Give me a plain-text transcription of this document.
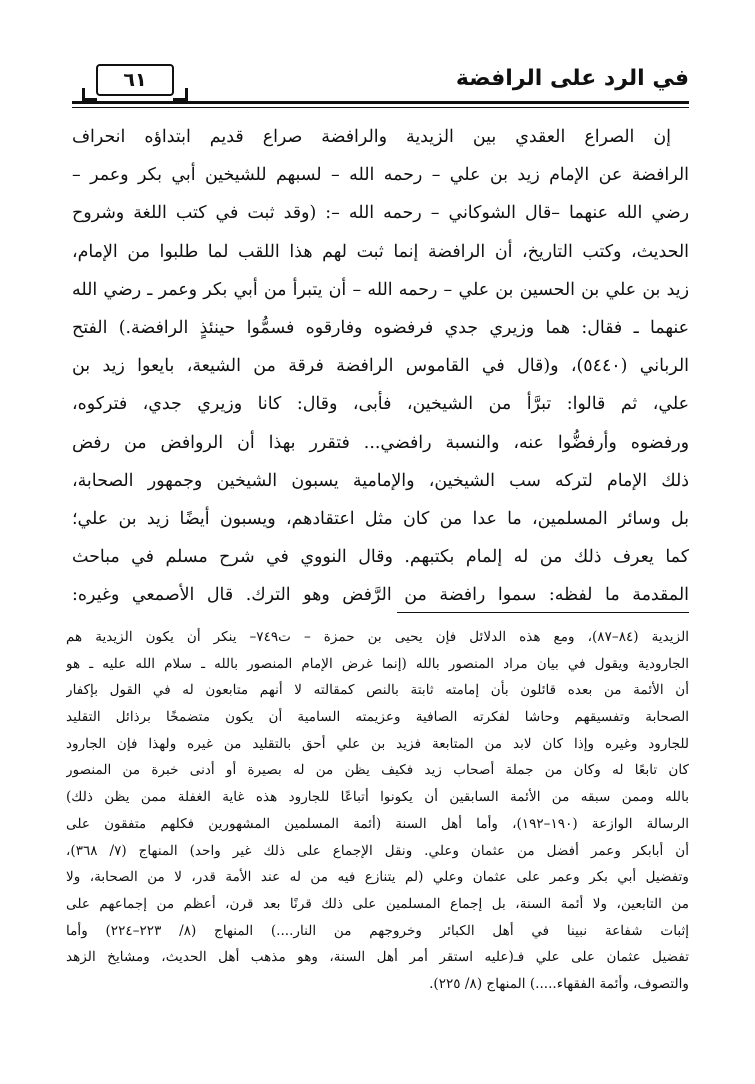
في الرد على الرافضة
٦١
إن الصراع العقدي بين الزيدية والرافضة صراع قديم ابتداؤه انحراف
الرافضة عن الإمام زيد بن علي – رحمه الله – لسبهم للشيخين أبي بكر وعمر –
رضي الله عنهما –قال الشوكاني – رحمه الله –: (وقد ثبت في كتب اللغة وشروح
الحديث، وكتب التاريخ، أن الرافضة إنما ثبت لهم هذا اللقب لما طلبوا من الإمام،
زيد بن علي بن الحسين بن علي – رحمه الله – أن يتبرأ من أبي بكر وعمر ـ رضي الله
عنهما ـ فقال: هما وزيري جدي فرفضوه وفارقوه فسمُّوا حينئذٍ الرافضة.) الفتح
الرباني (٥٤٤٠)، و(قال في القاموس الرافضة فرقة من الشيعة، بايعوا زيد بن
علي، ثم قالوا: تبرَّأ من الشيخين، فأبى، وقال: كانا وزيري جدي، فتركوه،
ورفضوه وأرفضُّوا عنه، والنسبة رافضي... فتقرر بهذا أن الروافض من رفض
ذلك الإمام لتركه سب الشيخين، والإمامية يسبون الشيخين وجمهور الصحابة،
بل وسائر المسلمين، ما عدا من كان مثل اعتقادهم، ويسبون أيضًا زيد بن علي؛
كما يعرف ذلك من له إلمام بكتبهم. وقال النووي في شرح مسلم في مباحث
المقدمة ما لفظه: سموا رافضة من الرَّفض وهو الترك. قال الأصمعي وغيره:
الزيدية (٨٤–٨٧)، ومع هذه الدلائل فإن يحيى بن حمزة – ت٧٤٩– ينكر أن يكون الزيدية هم
الجارودية ويقول في بيان مراد المنصور بالله (إنما غرض الإمام المنصور بالله ـ سلام الله عليه ـ هو
أن الأئمة من بعده قائلون بأن إمامته ثابتة بالنص كمقالته لا أنهم متابعون له في القول بإكفار
الصحابة وتفسيقهم وحاشا لفكرته الصافية وعزيمته السامية أن يكون متضمخًا برذائل التقليد
للجارود وغيره وإذا كان لابد من المتابعة فزيد بن علي أحق بالتقليد من غيره ولهذا فإن الجارود
كان تابعًا له وكان من جملة أصحاب زيد فكيف يظن من له بصيرة أو أدنى خبرة من المنصور
بالله وممن سبقه من الأئمة السابقين أن يكونوا أتباعًا للجارود هذه غاية الغفلة ممن يظن ذلك)
الرسالة الوازعة (١٩٠–١٩٢)، وأما أهل السنة (أئمة المسلمين المشهورين فكلهم متفقون على
أن أبابكر وعمر أفضل من عثمان وعلي. ونقل الإجماع على ذلك غير واحد) المنهاج (٧/ ٣٦٨)،
وتفضيل أبي بكر وعمر على عثمان وعلي (لم يتنازع فيه من له عند الأمة قدر، لا من الصحابة، ولا
من التابعين، ولا أئمة السنة، بل إجماع المسلمين على ذلك قرنًا بعد قرن، أعظم من إجماعهم على
إثبات شفاعة نبينا في أهل الكبائر وخروجهم من النار....) المنهاج (٨/ ٢٢٣–٢٢٤) وأما
تفضيل عثمان على علي فـ(عليه استقر أمر أهل السنة، وهو مذهب أهل الحديث، ومشايخ الزهد
والتصوف، وأئمة الفقهاء.....) المنهاج (٨/ ٢٢٥).
